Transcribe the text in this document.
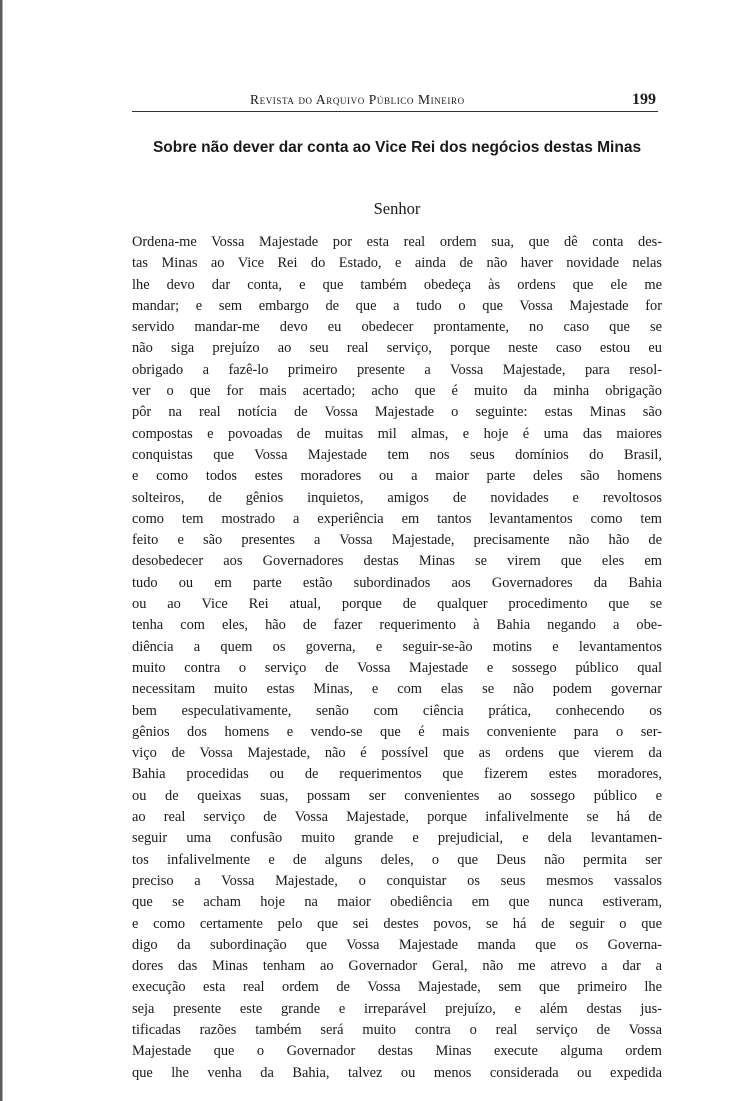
Revista do Arquivo Público Mineiro	199
Sobre não dever dar conta ao Vice Rei dos negócios destas Minas
Senhor
Ordena-me Vossa Majestade por esta real ordem sua, que dê conta des-
tas Minas ao Vice Rei do Estado, e ainda de não haver novidade nelas
lhe devo dar conta, e que também obedeça às ordens que ele me
mandar; e sem embargo de que a tudo o que Vossa Majestade for
servido mandar-me devo eu obedecer prontamente, no caso que se
não siga prejuízo ao seu real serviço, porque neste caso estou eu
obrigado a fazê-lo primeiro presente a Vossa Majestade, para resol-
ver o que for mais acertado; acho que é muito da minha obrigação
pôr na real notícia de Vossa Majestade o seguinte: estas Minas são
compostas e povoadas de muitas mil almas, e hoje é uma das maiores
conquistas que Vossa Majestade tem nos seus domínios do Brasil,
e como todos estes moradores ou a maior parte deles são homens
solteiros, de gênios inquietos, amigos de novidades e revoltosos
como tem mostrado a experiência em tantos levantamentos como tem
feito e são presentes a Vossa Majestade, precisamente não hão de
desobedecer aos Governadores destas Minas se virem que eles em
tudo ou em parte estão subordinados aos Governadores da Bahia
ou ao Vice Rei atual, porque de qualquer procedimento que se
tenha com eles, hão de fazer requerimento à Bahia negando a obe-
diência a quem os governa, e seguir-se-ão motins e levantamentos
muito contra o serviço de Vossa Majestade e sossego público qual
necessitam muito estas Minas, e com elas se não podem governar
bem especulativamente, senão com ciência prática, conhecendo os
gênios dos homens e vendo-se que é mais conveniente para o ser-
viço de Vossa Majestade, não é possível que as ordens que vierem da
Bahia procedidas ou de requerimentos que fizerem estes moradores,
ou de queixas suas, possam ser convenientes ao sossego público e
ao real serviço de Vossa Majestade, porque infalivelmente se há de
seguir uma confusão muito grande e prejudicial, e dela levantamen-
tos infalivelmente e de alguns deles, o que Deus não permita ser
preciso a Vossa Majestade, o conquistar os seus mesmos vassalos
que se acham hoje na maior obediência em que nunca estiveram,
e como certamente pelo que sei destes povos, se há de seguir o que
digo da subordinação que Vossa Majestade manda que os Governa-
dores das Minas tenham ao Governador Geral, não me atrevo a dar a
execução esta real ordem de Vossa Majestade, sem que primeiro lhe
seja presente este grande e irreparável prejuízo, e além destas jus-
tificadas razões também será muito contra o real serviço de Vossa
Majestade que o Governador destas Minas execute alguma ordem
que lhe venha da Bahia, talvez ou menos considerada ou expedida
